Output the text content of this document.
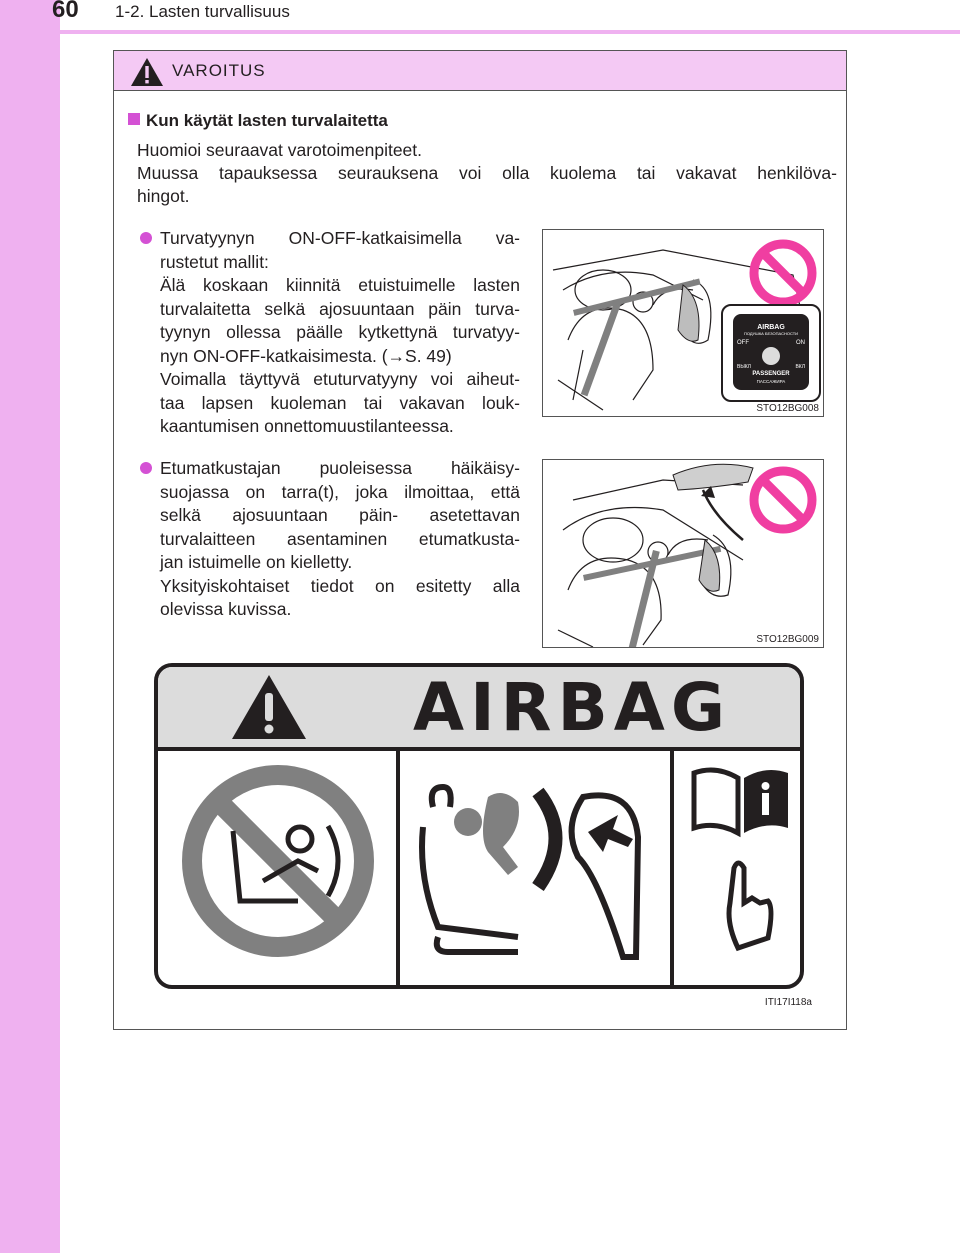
60 1-2. Lasten turvallisuus
VAROITUS
Kun käytät lasten turvalaitetta
Huomioi seuraavat varotoimenpiteet.
Muussa tapauksessa seurauksena voi olla kuolema tai vakavat henkilöva-
hingot.
Turvatyynyn ON-OFF-katkaisimella va-
rustetut mallit:
Älä koskaan kiinnitä etuistuimelle lasten
turvalaitetta selkä ajosuuntaan päin turva-
tyynyn ollessa päälle kytkettynä turvatyy-
nyn ON-OFF-katkaisimesta. (→S. 49)
Voimalla täyttyvä etuturvatyyny voi aiheut-
taa lapsen kuoleman tai vakavan louk-
kaantumisen onnettomuustilanteessa.
AIRBAG
ПОДУШКА БЕЗОПАСНОСТИ
OFF	ON
ВЫКЛ	ВКЛ
PASSENGER
ПАССАЖИРА
STO12BG008
Etumatkustajan puoleisessa häikäisy-
suojassa on tarra(t), joka ilmoittaa, että
selkä ajosuuntaan päin- asetettavan
turvalaitteen asentaminen etumatkusta-
jan istuimelle on kielletty.
Yksityiskohtaiset tiedot on esitetty alla
olevissa kuvissa.
STO12BG009
AIRBAG
ITI17I118a
